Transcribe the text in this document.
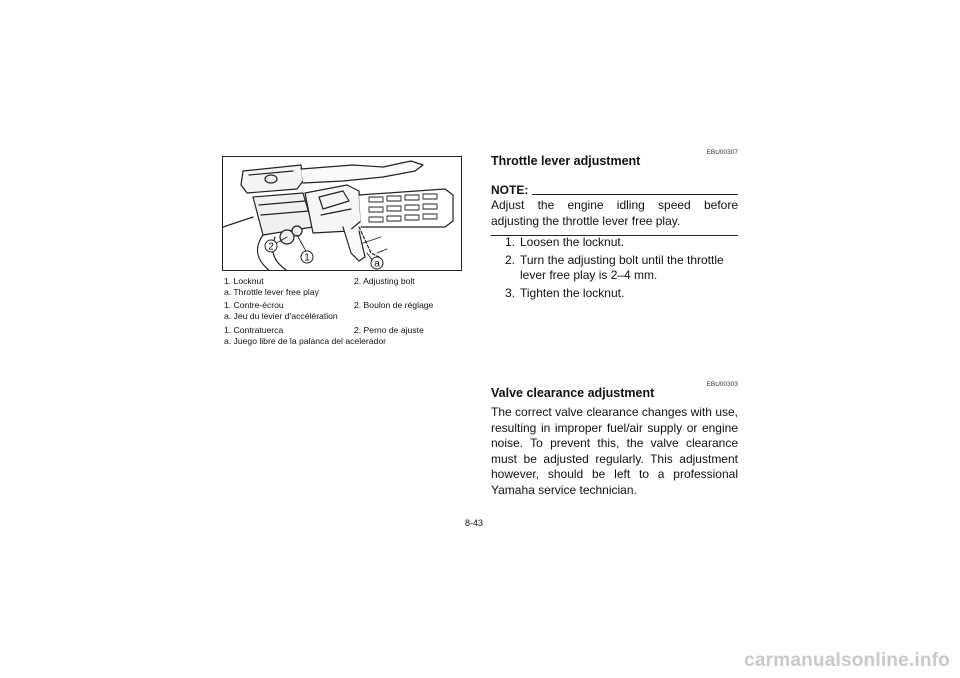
2
1
a
1. Locknut	2. Adjusting bolt
a. Throttle lever free play
1. Contre-écrou	2. Boulon de réglage
a. Jeu du levier d’accélération
1. Contratuerca	2. Perno de ajuste
a. Juego libre de la palanca del acelerador
EBU00307
Throttle lever adjustment
NOTE:
Adjust the engine idling speed before adjusting the throttle lever free play.
1. Loosen the locknut.
2. Turn the adjusting bolt until the throttle lever free play is 2–4 mm.
3. Tighten the locknut.
EBU00303
Valve clearance adjustment
The correct valve clearance changes with use, resulting in improper fuel/air supply or engine noise. To prevent this, the valve clearance must be adjusted regularly. This adjustment however, should be left to a professional Yamaha service technician.
8-43
carmanualsonline.info
